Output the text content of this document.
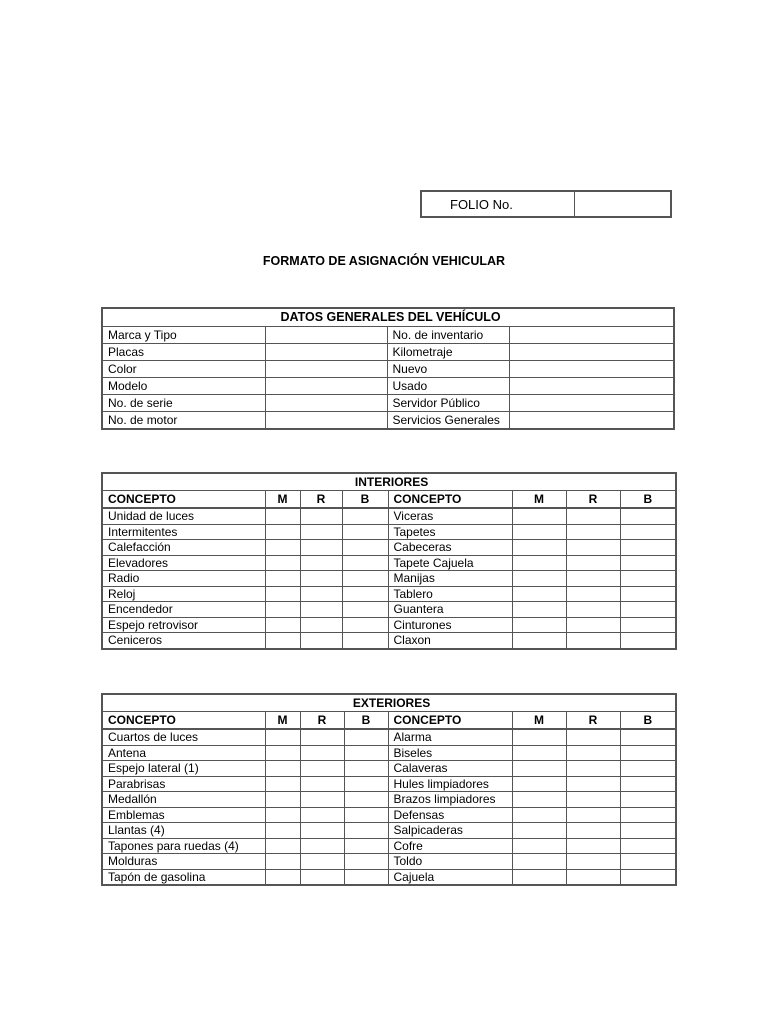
FOLIO No.	
FORMATO DE ASIGNACIÓN VEHICULAR
DATOS GENERALES DEL VEHÍCULO			
Marca y Tipo		No. de inventario	
Placas		Kilometraje	
Color		Nuevo	
Modelo		Usado	
No. de serie		Servidor Público	
No. de motor		Servicios Generales	
INTERIORES							
CONCEPTO	M	R	B	CONCEPTO	M	R	B
Unidad de luces				Viceras			
Intermitentes				Tapetes			
Calefacción				Cabeceras			
Elevadores				Tapete Cajuela			
Radio				Manijas			
Reloj				Tablero			
Encendedor				Guantera			
Espejo retrovisor				Cinturones			
Ceniceros				Claxon			
EXTERIORES							
CONCEPTO	M	R	B	CONCEPTO	M	R	B
Cuartos de luces				Alarma			
Antena				Biseles			
Espejo lateral (1)				Calaveras			
Parabrisas				Hules limpiadores			
Medallón				Brazos limpiadores			
Emblemas				Defensas			
Llantas (4)				Salpicaderas			
Tapones para ruedas (4)				Cofre			
Molduras				Toldo			
Tapón de gasolina				Cajuela			
